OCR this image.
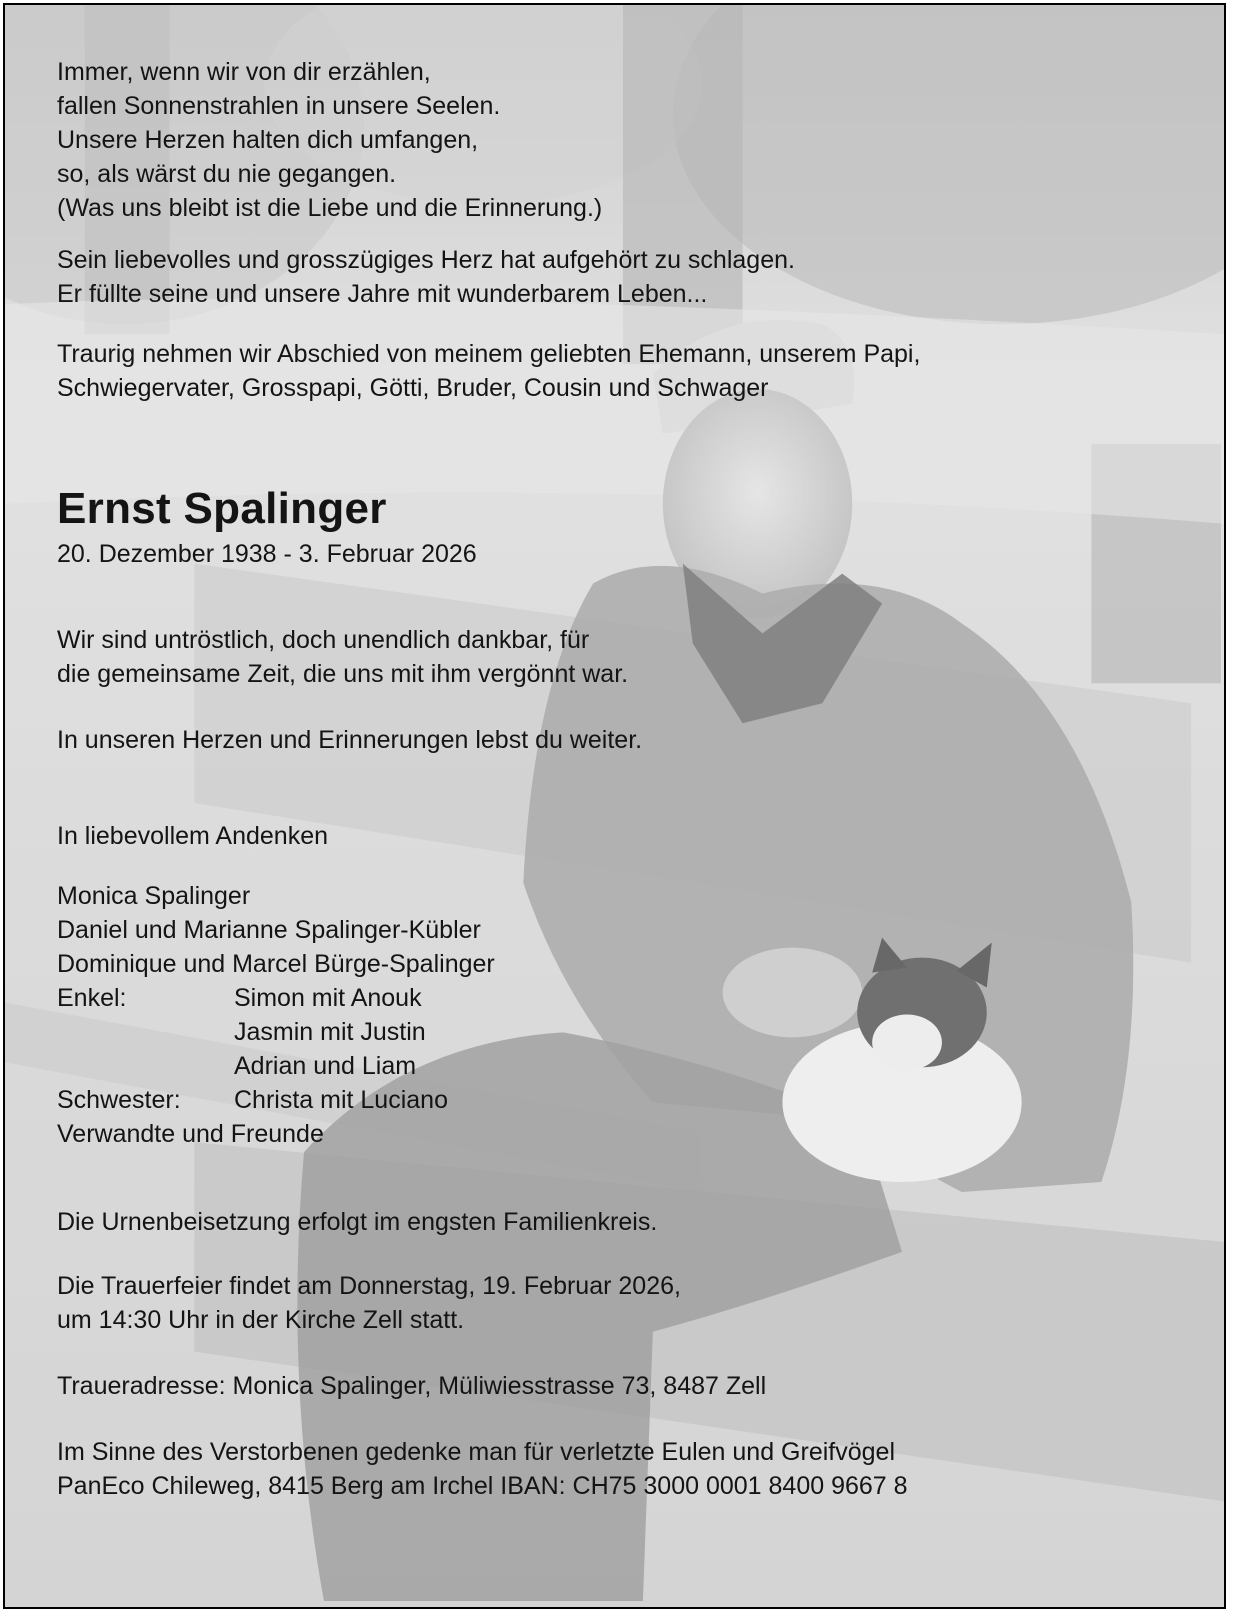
Immer, wenn wir von dir erzählen,
fallen Sonnenstrahlen in unsere Seelen.
Unsere Herzen halten dich umfangen,
so, als wärst du nie gegangen.
(Was uns bleibt ist die Liebe und die Erinnerung.)
Sein liebevolles und grosszügiges Herz hat aufgehört zu schlagen.
Er füllte seine und unsere Jahre mit wunderbarem Leben...
Traurig nehmen wir Abschied von meinem geliebten Ehemann, unserem Papi,
Schwiegervater, Grosspapi, Götti, Bruder, Cousin und Schwager
Ernst Spalinger
20. Dezember 1938 - 3. Februar 2026
Wir sind untröstlich, doch unendlich dankbar, für
die gemeinsame Zeit, die uns mit ihm vergönnt war.
In unseren Herzen und Erinnerungen lebst du weiter.
In liebevollem Andenken
Monica Spalinger
Daniel und Marianne Spalinger-Kübler
Dominique und Marcel Bürge-Spalinger
Enkel:	Simon mit Anouk
Jasmin mit Justin
Adrian und Liam
Schwester:	Christa mit Luciano
Verwandte und Freunde
Die Urnenbeisetzung erfolgt im engsten Familienkreis.
Die Trauerfeier findet am Donnerstag, 19. Februar 2026,
um 14:30 Uhr in der Kirche Zell statt.
Traueradresse: Monica Spalinger, Müliwiesstrasse 73, 8487 Zell
Im Sinne des Verstorbenen gedenke man für verletzte Eulen und Greifvögel
PanEco Chileweg, 8415 Berg am Irchel IBAN: CH75 3000 0001 8400 9667 8
